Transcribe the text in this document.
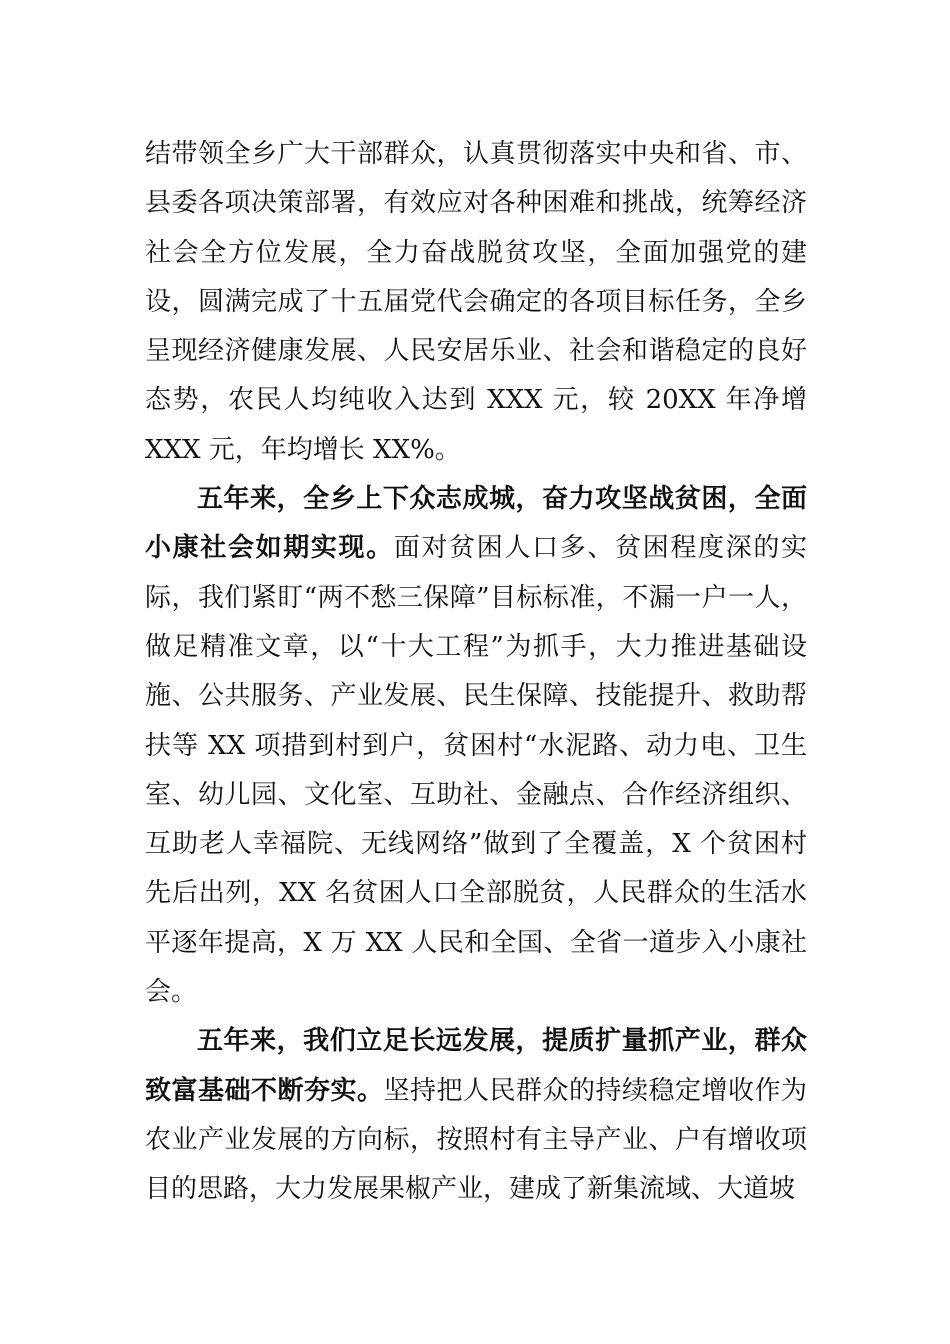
结带领全乡广大干部群众，认真贯彻落实中央和省、市、县委各项决策部署，有效应对各种困难和挑战，统筹经济社会全方位发展，全力奋战脱贫攻坚，全面加强党的建设，圆满完成了十五届党代会确定的各项目标任务，全乡呈现经济健康发展、人民安居乐业、社会和谐稳定的良好态势，农民人均纯收入达到 XXX 元，较 20XX 年净增 XXX 元，年均增长 XX%。

五年来，全乡上下众志成城，奋力攻坚战贫困，全面小康社会如期实现。面对贫困人口多、贫困程度深的实际，我们紧盯“两不愁三保障”目标标准，不漏一户一人，做足精准文章，以“十大工程”为抓手，大力推进基础设施、公共服务、产业发展、民生保障、技能提升、救助帮扶等 XX 项措到村到户，贫困村“水泥路、动力电、卫生室、幼儿园、文化室、互助社、金融点、合作经济组织、互助老人幸福院、无线网络”做到了全覆盖，X 个贫困村先后出列，XX 名贫困人口全部脱贫，人民群众的生活水平逐年提高，X 万 XX 人民和全国、全省一道步入小康社会。

五年来，我们立足长远发展，提质扩量抓产业，群众致富基础不断夯实。坚持把人民群众的持续稳定增收作为农业产业发展的方向标，按照村有主导产业、户有增收项目的思路，大力发展果椒产业，建成了新集流域、大道坡
